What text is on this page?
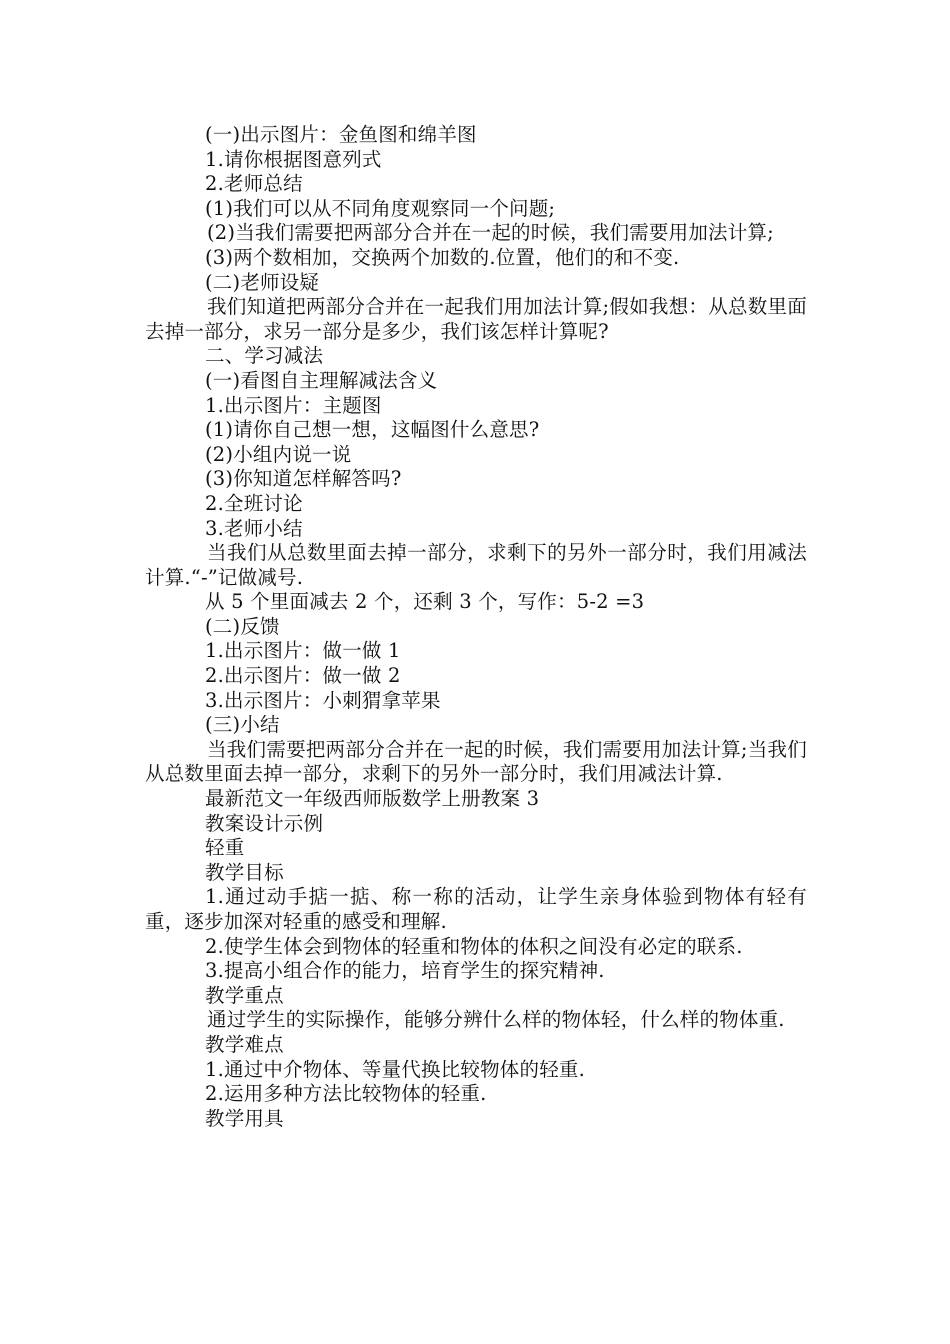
(一)出示图片：金鱼图和绵羊图

1.请你根据图意列式

2.老师总结

(1)我们可以从不同角度观察同一个问题;

(2)当我们需要把两部分合并在一起的时候，我们需要用加法计算;

(3)两个数相加，交换两个加数的.位置，他们的和不变.

(二)老师设疑

我们知道把两部分合并在一起我们用加法计算;假如我想：从总数里面去掉一部分，求另一部分是多少，我们该怎样计算呢?

二、学习减法

(一)看图自主理解减法含义

1.出示图片：主题图

(1)请你自己想一想，这幅图什么意思?

(2)小组内说一说

(3)你知道怎样解答吗?

2.全班讨论

3.老师小结

当我们从总数里面去掉一部分，求剩下的另外一部分时，我们用减法计算.“-”记做减号.

从 5 个里面减去 2 个，还剩 3 个，写作：5-2 =3

(二)反馈

1.出示图片：做一做 1

2.出示图片：做一做 2

3.出示图片：小刺猬拿苹果

(三)小结

当我们需要把两部分合并在一起的时候，我们需要用加法计算;当我们从总数里面去掉一部分，求剩下的另外一部分时，我们用减法计算.

最新范文一年级西师版数学上册教案 3

教案设计示例

轻重

教学目标

1.通过动手掂一掂、称一称的活动，让学生亲身体验到物体有轻有重，逐步加深对轻重的感受和理解.

2.使学生体会到物体的轻重和物体的体积之间没有必定的联系.

3.提高小组合作的能力，培育学生的探究精神.

教学重点

通过学生的实际操作，能够分辨什么样的物体轻，什么样的物体重.

教学难点

1.通过中介物体、等量代换比较物体的轻重.

2.运用多种方法比较物体的轻重.

教学用具
